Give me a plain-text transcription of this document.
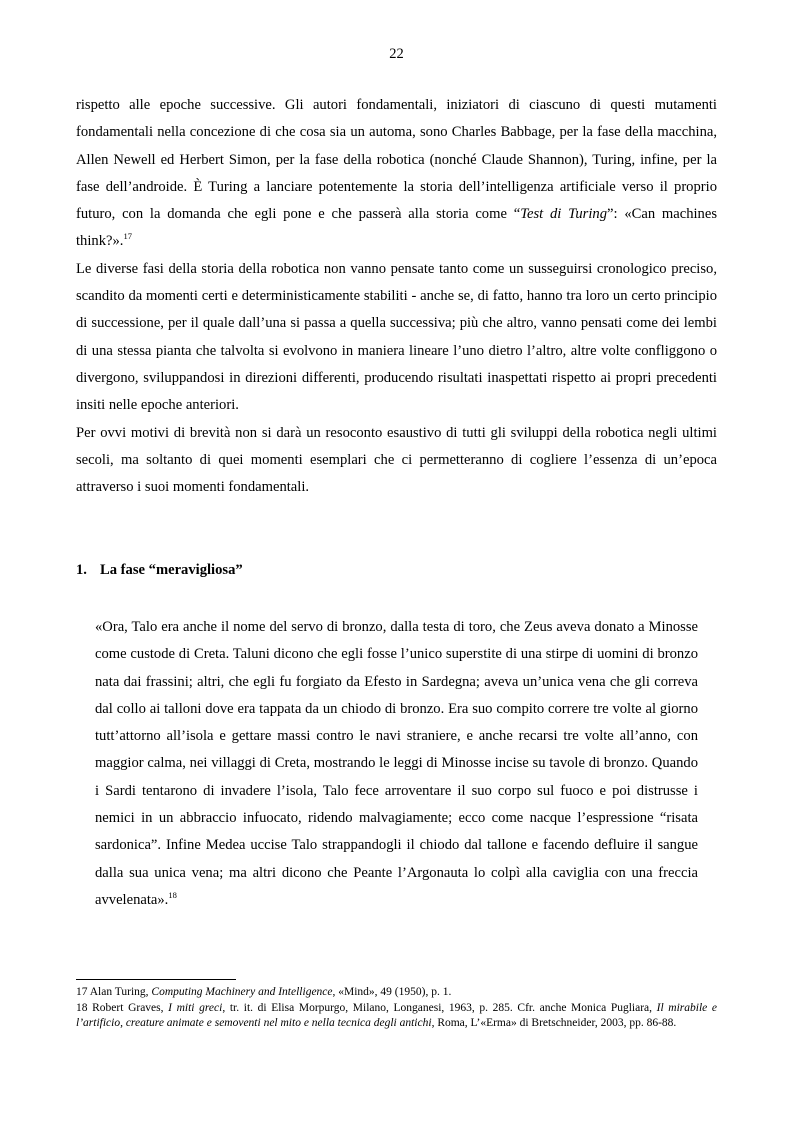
22

rispetto alle epoche successive. Gli autori fondamentali, iniziatori di ciascuno di questi mutamenti fondamentali nella concezione di che cosa sia un automa, sono Charles Babbage, per la fase della macchina, Allen Newell ed Herbert Simon, per la fase della robotica (nonché Claude Shannon), Turing, infine, per la fase dell’androide. È Turing a lanciare potentemente la storia dell’intelligenza artificiale verso il proprio futuro, con la domanda che egli pone e che passerà alla storia come “Test di Turing”: «Can machines think?».$^{17}$

Le diverse fasi della storia della robotica non vanno pensate tanto come un susseguirsi cronologico preciso, scandito da momenti certi e deterministicamente stabiliti - anche se, di fatto, hanno tra loro un certo principio di successione, per il quale dall’una si passa a quella successiva; più che altro, vanno pensati come dei lembi di una stessa pianta che talvolta si evolvono in maniera lineare l’uno dietro l’altro, altre volte confliggono o divergono, sviluppandosi in direzioni differenti, producendo risultati inaspettati rispetto ai propri precedenti insiti nelle epoche anteriori.

Per ovvi motivi di brevità non si darà un resoconto esaustivo di tutti gli sviluppi della robotica negli ultimi secoli, ma soltanto di quei momenti esemplari che ci permetteranno di cogliere l’essenza di un’epoca attraverso i suoi momenti fondamentali.

1. La fase “meravigliosa”

«Ora, Talo era anche il nome del servo di bronzo, dalla testa di toro, che Zeus aveva donato a Minosse come custode di Creta. Taluni dicono che egli fosse l’unico superstite di una stirpe di uomini di bronzo nata dai frassini; altri, che egli fu forgiato da Efesto in Sardegna; aveva un’unica vena che gli correva dal collo ai talloni dove era tappata da un chiodo di bronzo. Era suo compito correre tre volte al giorno tutt’attorno all’isola e gettare massi contro le navi straniere, e anche recarsi tre volte all’anno, con maggior calma, nei villaggi di Creta, mostrando le leggi di Minosse incise su tavole di bronzo. Quando i Sardi tentarono di invadere l’isola, Talo fece arroventare il suo corpo sul fuoco e poi distrusse i nemici in un abbraccio infuocato, ridendo malvagiamente; ecco come nacque l’espressione “risata sardonica”. Infine Medea uccise Talo strappandogli il chiodo dal tallone e facendo defluire il sangue dalla sua unica vena; ma altri dicono che Peante l’Argonauta lo colpì alla caviglia con una freccia avvelenata».$^{18}$

17 Alan Turing, Computing Machinery and Intelligence, «Mind», 49 (1950), p. 1.

18 Robert Graves, I miti greci, tr. it. di Elisa Morpurgo, Milano, Longanesi, 1963, p. 285. Cfr. anche Monica Pugliara, Il mirabile e l’artificio, creature animate e semoventi nel mito e nella tecnica degli antichi, Roma, L’«Erma» di Bretschneider, 2003, pp. 86-88.
